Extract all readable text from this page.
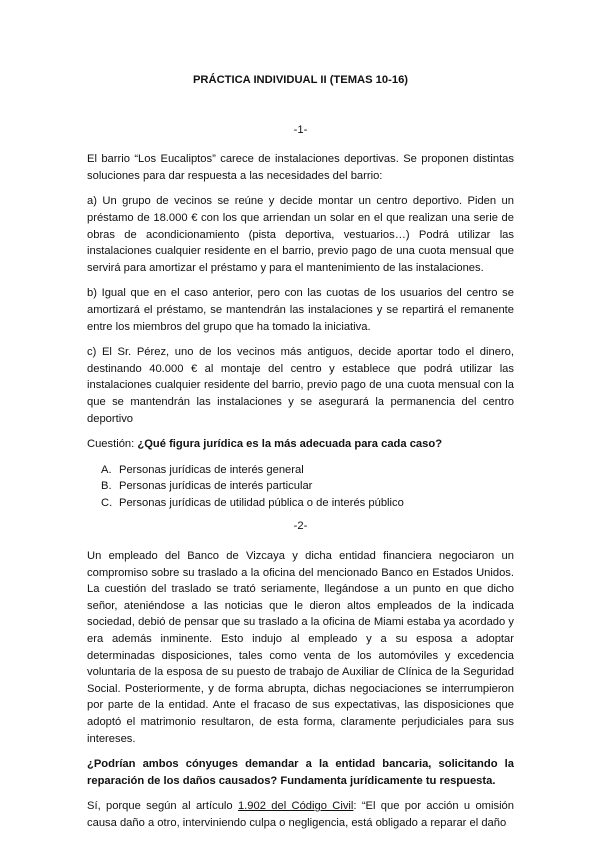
PRÁCTICA INDIVIDUAL II (TEMAS 10-16)
-1-

El barrio “Los Eucaliptos” carece de instalaciones deportivas. Se proponen distintas soluciones para dar respuesta a las necesidades del barrio:

a) Un grupo de vecinos se reúne y decide montar un centro deportivo. Piden un préstamo de 18.000 € con los que arriendan un solar en el que realizan una serie de obras de acondicionamiento (pista deportiva, vestuarios…) Podrá utilizar las instalaciones cualquier residente en el barrio, previo pago de una cuota mensual que servirá para amortizar el préstamo y para el mantenimiento de las instalaciones.

b) Igual que en el caso anterior, pero con las cuotas de los usuarios del centro se amortizará el préstamo, se mantendrán las instalaciones y se repartirá el remanente entre los miembros del grupo que ha tomado la iniciativa.

c) El Sr. Pérez, uno de los vecinos más antiguos, decide aportar todo el dinero, destinando 40.000 € al montaje del centro y establece que podrá utilizar las instalaciones cualquier residente del barrio, previo pago de una cuota mensual con la que se mantendrán las instalaciones y se asegurará la permanencia del centro deportivo

Cuestión: ¿Qué figura jurídica es la más adecuada para cada caso?
A. Personas jurídicas de interés general
B. Personas jurídicas de interés particular
C. Personas jurídicas de utilidad pública o de interés público
-2-

Un empleado del Banco de Vizcaya y dicha entidad financiera negociaron un compromiso sobre su traslado a la oficina del mencionado Banco en Estados Unidos. La cuestión del traslado se trató seriamente, llegándose a un punto en que dicho señor, ateniéndose a las noticias que le dieron altos empleados de la indicada sociedad, debió de pensar que su traslado a la oficina de Miami estaba ya acordado y era además inminente. Esto indujo al empleado y a su esposa a adoptar determinadas disposiciones, tales como venta de los automóviles y excedencia voluntaria de la esposa de su puesto de trabajo de Auxiliar de Clínica de la Seguridad Social. Posteriormente, y de forma abrupta, dichas negociaciones se interrumpieron por parte de la entidad. Ante el fracaso de sus expectativas, las disposiciones que adoptó el matrimonio resultaron, de esta forma, claramente perjudiciales para sus intereses.

¿Podrían ambos cónyuges demandar a la entidad bancaria, solicitando la reparación de los daños causados? Fundamenta jurídicamente tu respuesta.

Sí, porque según al artículo 1.902 del Código Civil: “El que por acción u omisión causa daño a otro, interviniendo culpa o negligencia, está obligado a reparar el daño
